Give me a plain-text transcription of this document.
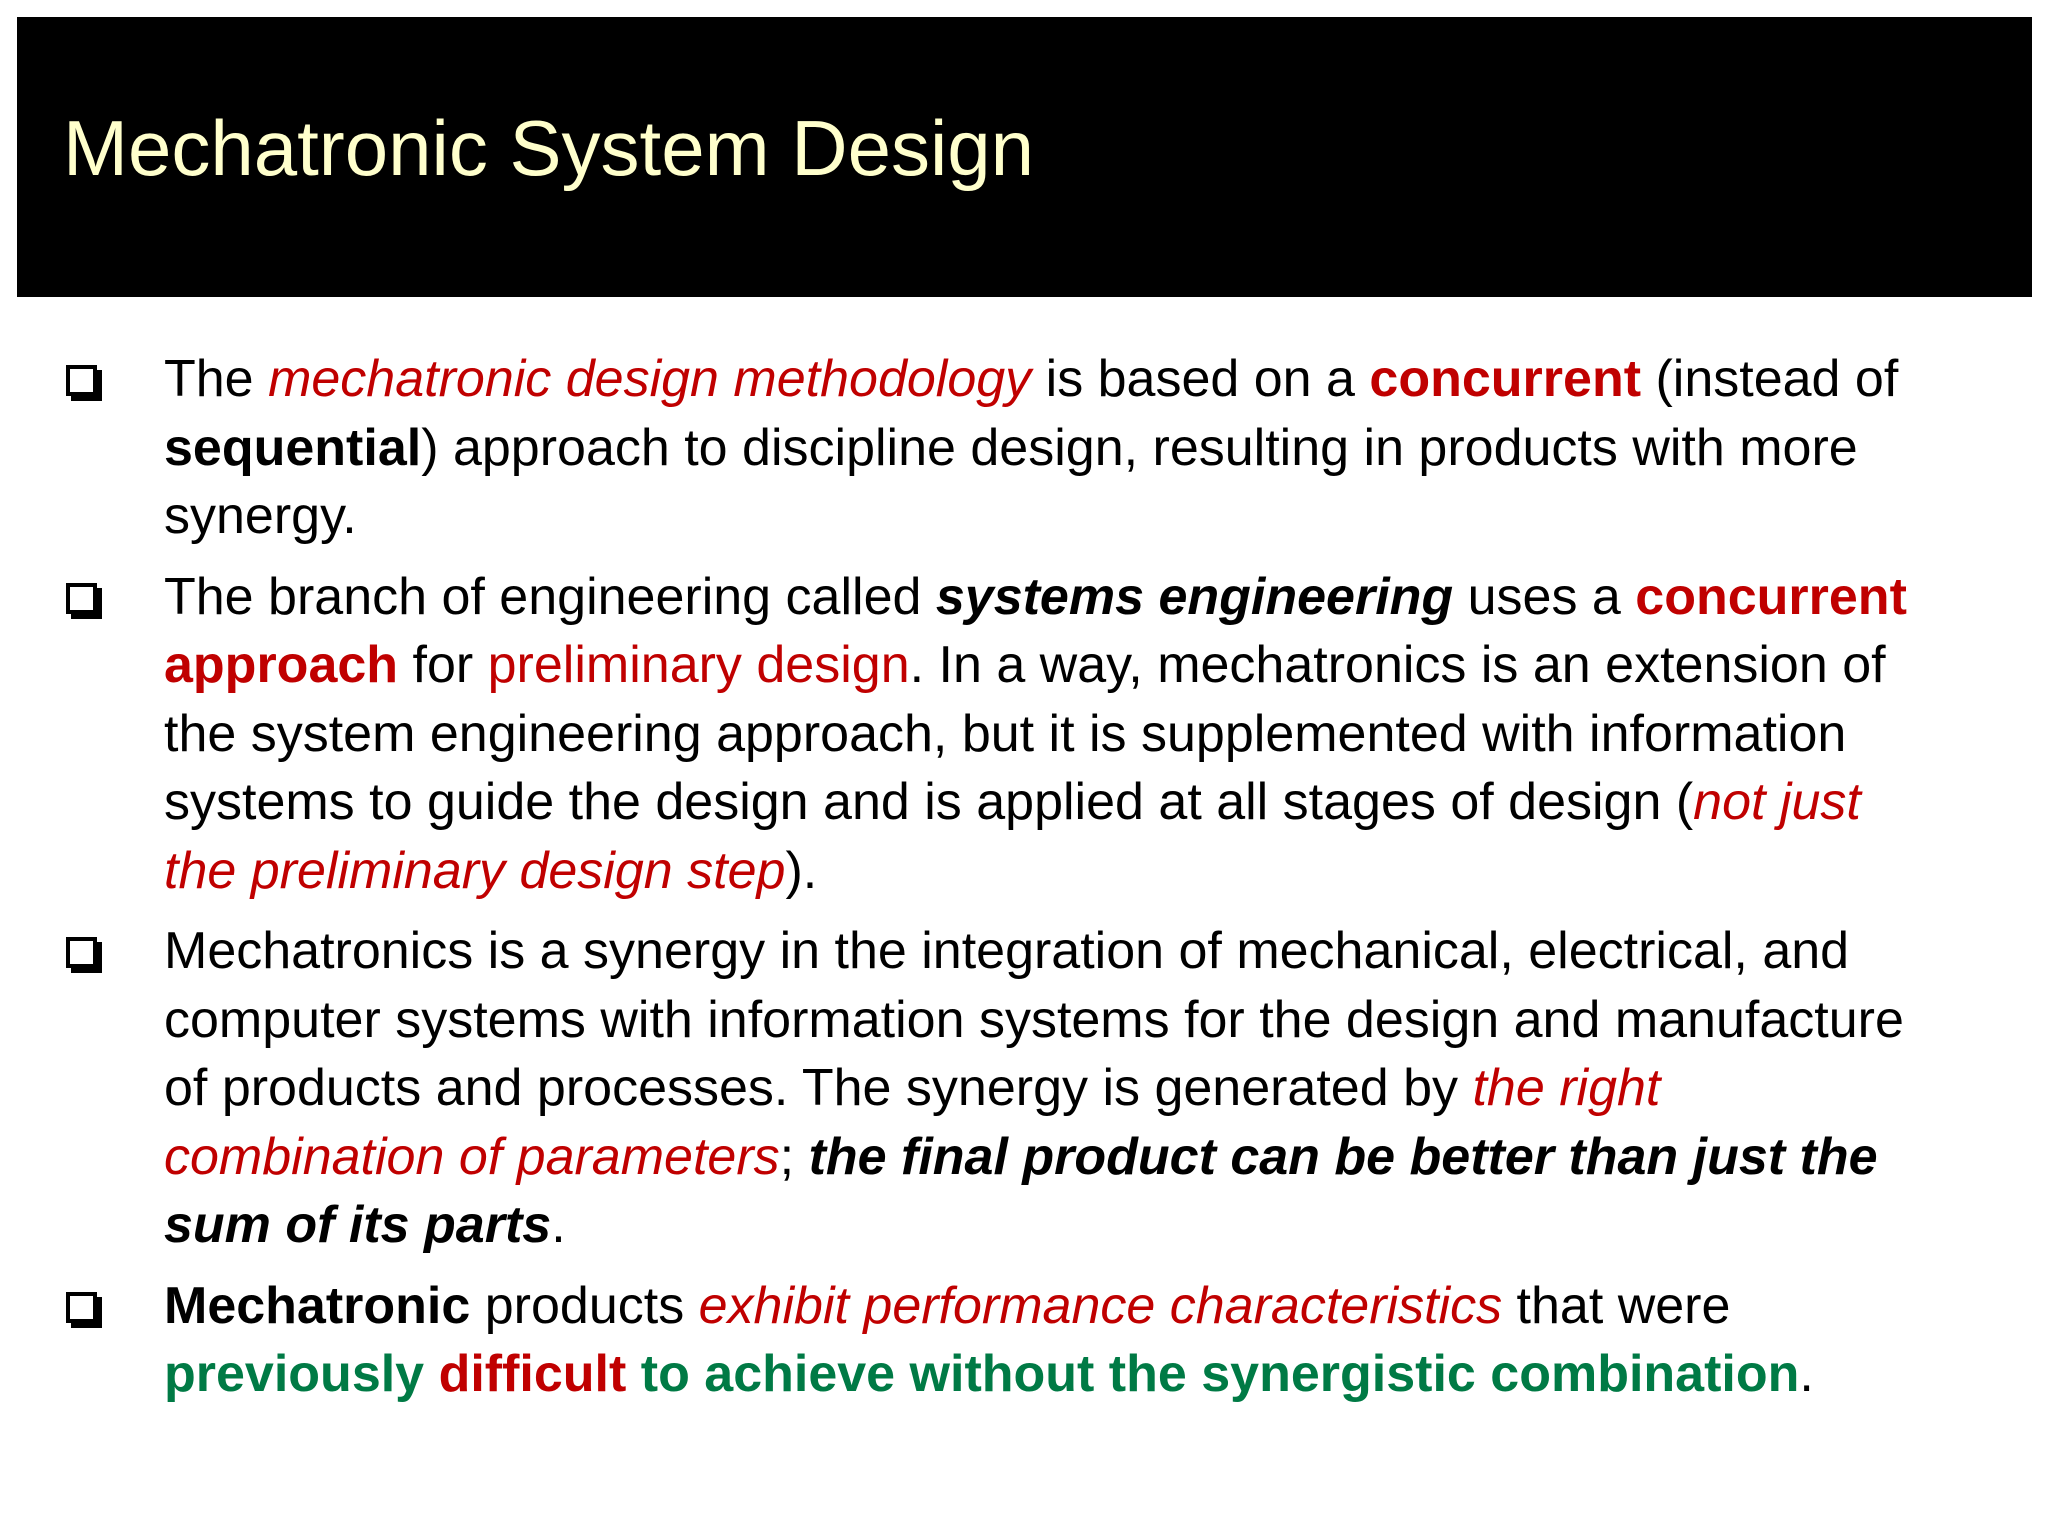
Mechatronic System Design
The mechatronic design methodology is based on a concurrent (instead of sequential) approach to discipline design, resulting in products with more synergy.
The branch of engineering called systems engineering uses a concurrent approach for preliminary design. In a way, mechatronics is an extension of the system engineering approach, but it is supplemented with information systems to guide the design and is applied at all stages of design (not just the preliminary design step).
Mechatronics is a synergy in the integration of mechanical, electrical, and computer systems with information systems for the design and manufacture of products and processes. The synergy is generated by the right combination of parameters; the final product can be better than just the sum of its parts.
Mechatronic products exhibit performance characteristics that were previously difficult to achieve without the synergistic combination.
